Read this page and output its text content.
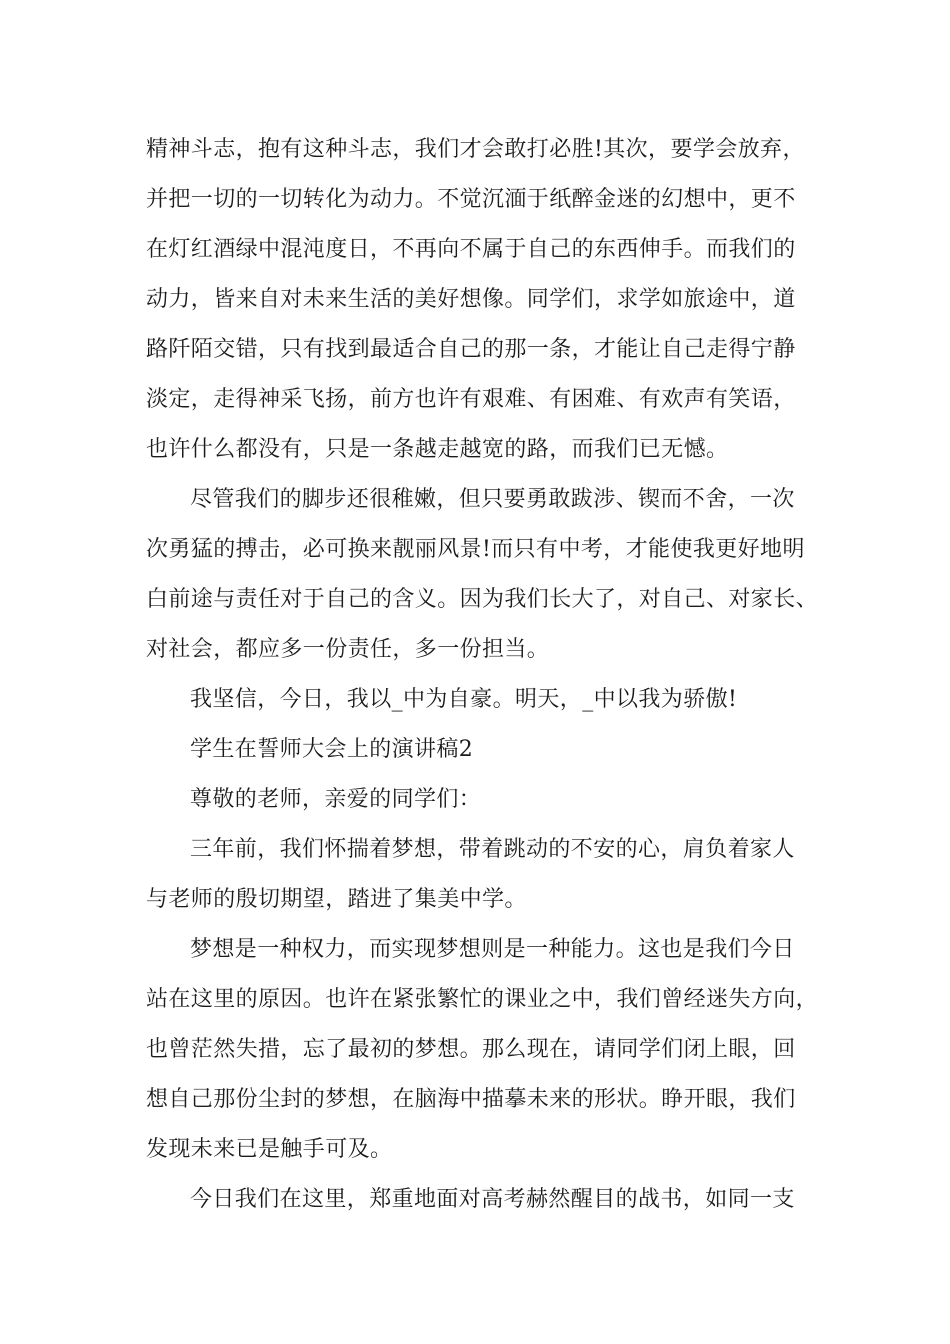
精神斗志，抱有这种斗志，我们才会敢打必胜!其次，要学会放弃，
并把一切的一切转化为动力。不觉沉湎于纸醉金迷的幻想中，更不
在灯红酒绿中混沌度日，不再向不属于自己的东西伸手。而我们的
动力，皆来自对未来生活的美好想像。同学们，求学如旅途中，道
路阡陌交错，只有找到最适合自己的那一条，才能让自己走得宁静
淡定，走得神采飞扬，前方也许有艰难、有困难、有欢声有笑语，
也许什么都没有，只是一条越走越宽的路，而我们已无憾。
尽管我们的脚步还很稚嫩，但只要勇敢跋涉、锲而不舍，一次
次勇猛的搏击，必可换来靓丽风景!而只有中考，才能使我更好地明
白前途与责任对于自己的含义。因为我们长大了，对自己、对家长、
对社会，都应多一份责任，多一份担当。
我坚信，今日，我以_中为自豪。明天，_中以我为骄傲!
学生在誓师大会上的演讲稿2
尊敬的老师，亲爱的同学们：
三年前，我们怀揣着梦想，带着跳动的不安的心，肩负着家人
与老师的殷切期望，踏进了集美中学。
梦想是一种权力，而实现梦想则是一种能力。这也是我们今日
站在这里的原因。也许在紧张繁忙的课业之中，我们曾经迷失方向，
也曾茫然失措，忘了最初的梦想。那么现在，请同学们闭上眼，回
想自己那份尘封的梦想，在脑海中描摹未来的形状。睁开眼，我们
发现未来已是触手可及。
今日我们在这里，郑重地面对高考赫然醒目的战书，如同一支
